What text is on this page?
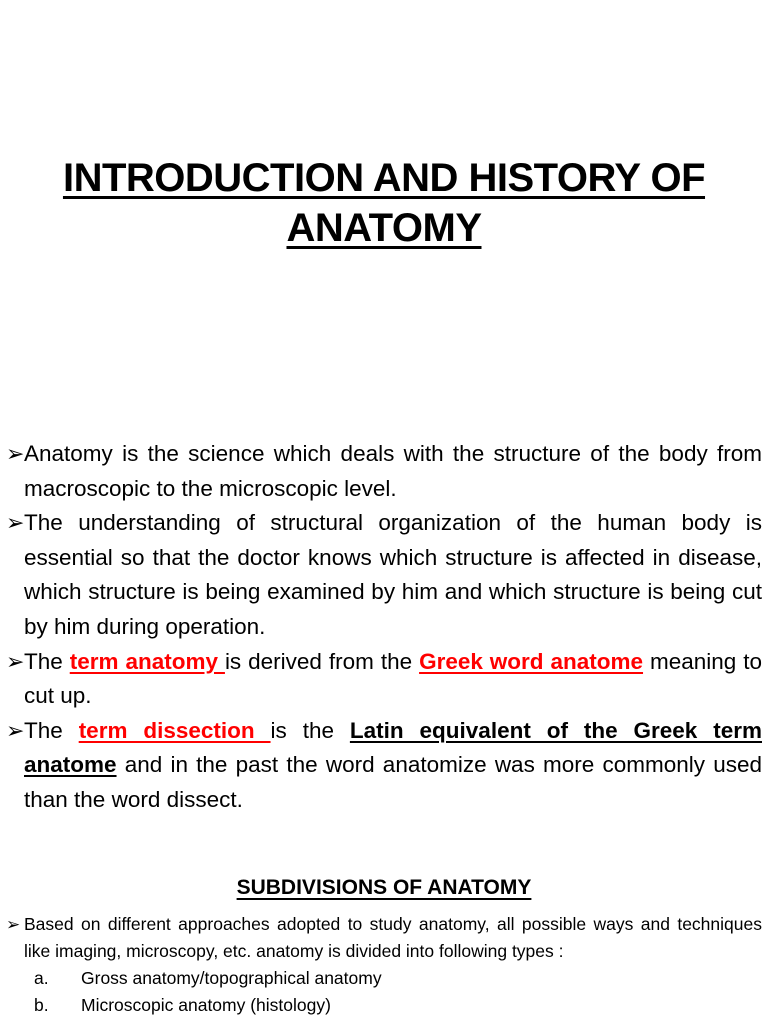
INTRODUCTION AND HISTORY OF
ANATOMY

➢ Anatomy is the science which deals with the structure of the body from macroscopic to the microscopic level.

➢ The understanding of structural organization of the human body is essential so that the doctor knows which structure is affected in disease, which structure is being examined by him and which structure is being cut by him during operation.

➢ The term anatomy is derived from the Greek word anatome meaning to cut up.

➢ The term dissection is the Latin equivalent of the Greek term anatome and in the past the word anatomize was more commonly used than the word dissect.

SUBDIVISIONS OF ANATOMY

➢ Based on different approaches adopted to study anatomy, all possible ways and techniques like imaging, microscopy, etc. anatomy is divided into following types :

a.	Gross anatomy/topographical anatomy
b.	Microscopic anatomy (histology)
